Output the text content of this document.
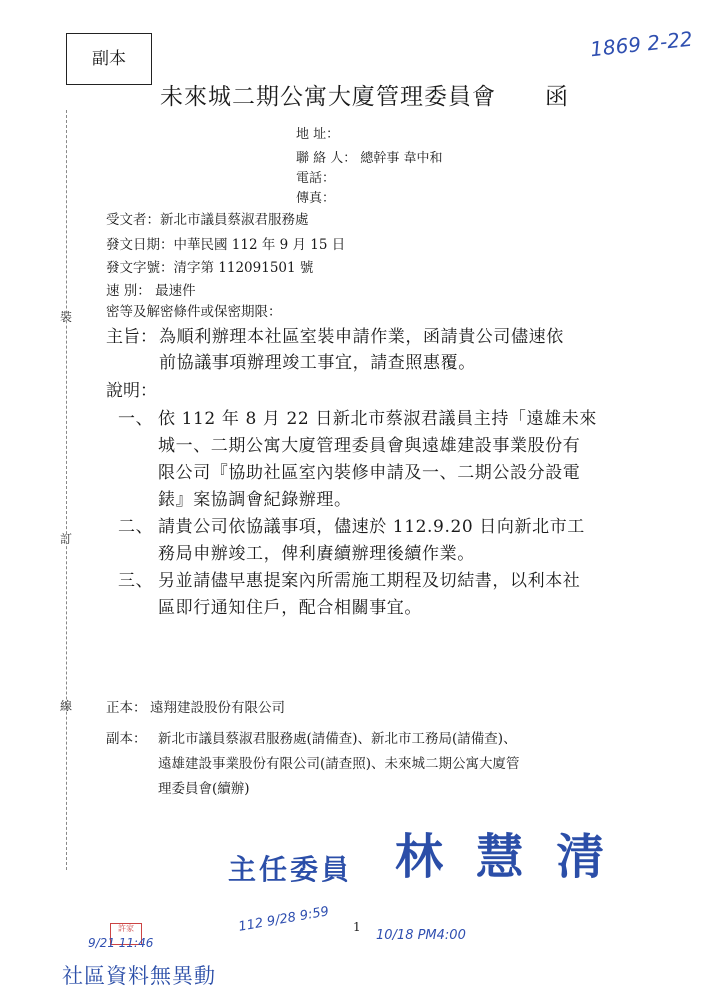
副本
未來城二期公寓大廈管理委員會 函
1869 2-22
地 址：
聯 絡 人： 總幹事 韋中和
電話：
傳真：
裝
訂
線
受文者：新北市議員蔡淑君服務處
發文日期：中華民國 112 年 9 月 15 日
發文字號：清字第 112091501 號
速 別： 最速件
密等及解密條件或保密期限：
主旨： 為順利辦理本社區室裝申請作業，函請貴公司儘速依
前協議事項辦理竣工事宜，請查照惠覆。
說明：
一、 依 112 年 8 月 22 日新北市蔡淑君議員主持「遠雄未來
城一、二期公寓大廈管理委員會與遠雄建設事業股份有
限公司『協助社區室內裝修申請及一、二期公設分設電
錶』案協調會紀錄辦理。
二、 請貴公司依協議事項，儘速於 112.9.20 日向新北市工
務局申辦竣工，俾利賡續辦理後續作業。
三、 另並請儘早惠提案內所需施工期程及切結書，以利本社
區即行通知住戶，配合相關事宜。
正本： 遠翔建設股份有限公司
副本： 新北市議員蔡淑君服務處(請備查)、新北市工務局(請備查)、
遠雄建設事業股份有限公司(請查照)、未來城二期公寓大廈管
理委員會(續辦)
主任委員 林 慧 清
1
許家
9/21 11:46
112 9/28 9:59
10/18 PM4:00
社區資料無異動
